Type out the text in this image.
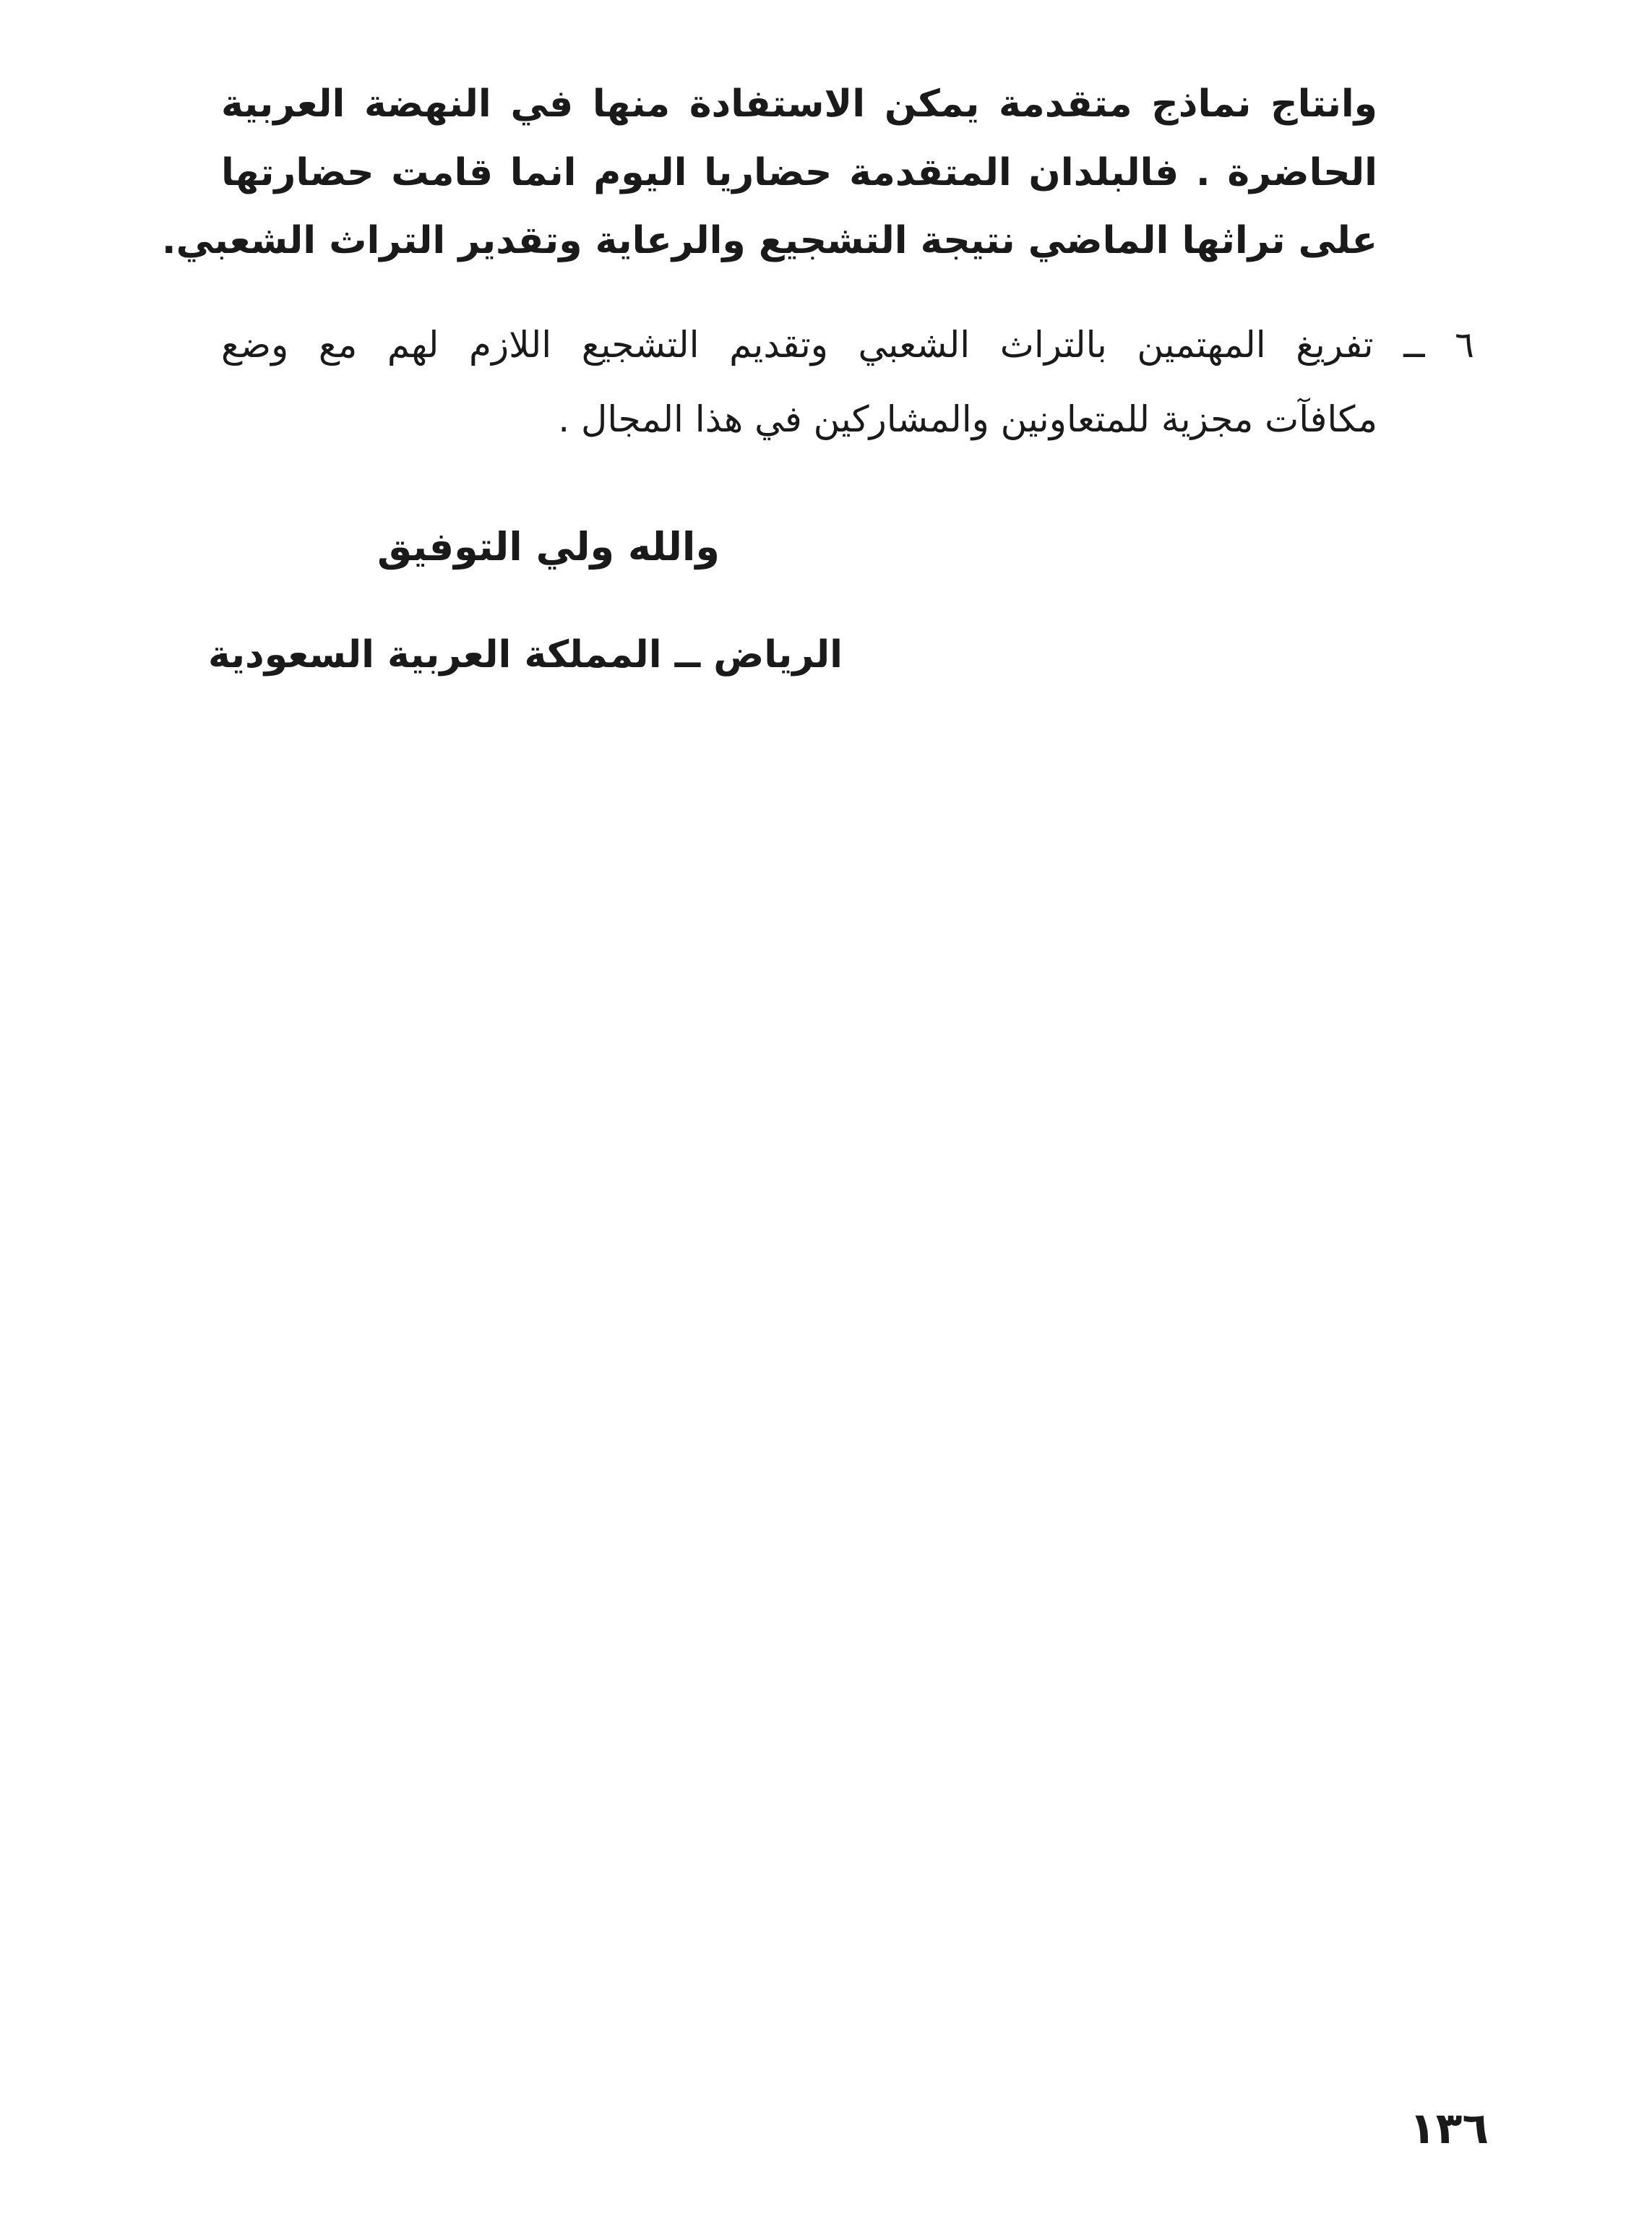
وانتاج نماذج متقدمة يمكن الاستفادة منها في النهضة العربية
الحاضرة . فالبلدان المتقدمة حضاريا اليوم انما قامت حضارتها
على تراثها الماضي نتيجة التشجيع والرعاية وتقدير التراث الشعبي.
٦ ــ تفريغ المهتمين بالتراث الشعبي وتقديم التشجيع اللازم لهم مع وضع
مكافآت مجزية للمتعاونين والمشاركين في هذا المجال .
والله ولي التوفيق
الرياض ــ المملكة العربية السعودية
١٣٦
